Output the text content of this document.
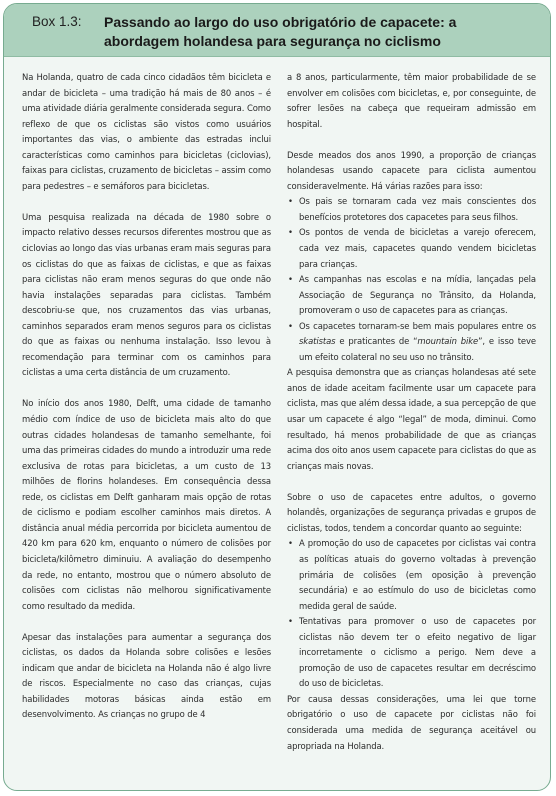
Box 1.3: Passando ao largo do uso obrigatório de capacete: a abordagem holandesa para segurança no ciclismo

Na Holanda, quatro de cada cinco cidadãos têm bicicleta e andar de bicicleta – uma tradição há mais de 80 anos – é uma atividade diária geralmente considerada segura. Como reflexo de que os ciclistas são vistos como usuários importantes das vias, o ambiente das estradas inclui características como caminhos para bicicletas (ciclovias), faixas para ciclistas, cruzamento de bicicletas – assim como para pedestres – e semáforos para bicicletas.

Uma pesquisa realizada na década de 1980 sobre o impacto relativo desses recursos diferentes mostrou que as ciclovias ao longo das vias urbanas eram mais seguras para os ciclistas do que as faixas de ciclistas, e que as faixas para ciclistas não eram menos seguras do que onde não havia instalações separadas para ciclistas. Também descobriu-se que, nos cruzamentos das vias urbanas, caminhos separados eram menos seguros para os ciclistas do que as faixas ou nenhuma instalação. Isso levou à recomendação para terminar com os caminhos para ciclistas a uma certa distância de um cruzamento.

No início dos anos 1980, Delft, uma cidade de tamanho médio com índice de uso de bicicleta mais alto do que outras cidades holandesas de tamanho semelhante, foi uma das primeiras cidades do mundo a introduzir uma rede exclusiva de rotas para bicicletas, a um custo de 13 milhões de florins holandeses. Em consequência dessa rede, os ciclistas em Delft ganharam mais opção de rotas de ciclismo e podiam escolher caminhos mais diretos. A distância anual média percorrida por bicicleta aumentou de 420 km para 620 km, enquanto o número de colisões por bicicleta/kilômetro diminuiu. A avaliação do desempenho da rede, no entanto, mostrou que o número absoluto de colisões com ciclistas não melhorou significativamente como resultado da medida.

Apesar das instalações para aumentar a segurança dos ciclistas, os dados da Holanda sobre colisões e lesões indicam que andar de bicicleta na Holanda não é algo livre de riscos. Especialmente no caso das crianças, cujas habilidades motoras básicas ainda estão em desenvolvimento. As crianças no grupo de 4

a 8 anos, particularmente, têm maior probabilidade de se envolver em colisões com bicicletas, e, por conseguinte, de sofrer lesões na cabeça que requeiram admissão em hospital.

Desde meados dos anos 1990, a proporção de crianças holandesas usando capacete para ciclista aumentou consideravelmente. Há várias razões para isso:

• Os pais se tornaram cada vez mais conscientes dos benefícios protetores dos capacetes para seus filhos.
• Os pontos de venda de bicicletas a varejo oferecem, cada vez mais, capacetes quando vendem bicicletas para crianças.
• As campanhas nas escolas e na mídia, lançadas pela Associação de Segurança no Trânsito, da Holanda, promoveram o uso de capacetes para as crianças.
• Os capacetes tornaram-se bem mais populares entre os skatistas e praticantes de “mountain bike”, e isso teve um efeito colateral no seu uso no trânsito.

A pesquisa demonstra que as crianças holandesas até sete anos de idade aceitam facilmente usar um capacete para ciclista, mas que além dessa idade, a sua percepção de que usar um capacete é algo “legal” de moda, diminui. Como resultado, há menos probabilidade de que as crianças acima dos oito anos usem capacete para ciclistas do que as crianças mais novas.

Sobre o uso de capacetes entre adultos, o governo holandês, organizações de segurança privadas e grupos de ciclistas, todos, tendem a concordar quanto ao seguinte:

• A promoção do uso de capacetes por ciclistas vai contra as políticas atuais do governo voltadas à prevenção primária de colisões (em oposição à prevenção secundária) e ao estímulo do uso de bicicletas como medida geral de saúde.
• Tentativas para promover o uso de capacetes por ciclistas não devem ter o efeito negativo de ligar incorretamente o ciclismo a perigo. Nem deve a promoção de uso de capacetes resultar em decréscimo do uso de bicicletas.

Por causa dessas considerações, uma lei que torne obrigatório o uso de capacete por ciclistas não foi considerada uma medida de segurança aceitável ou apropriada na Holanda.
